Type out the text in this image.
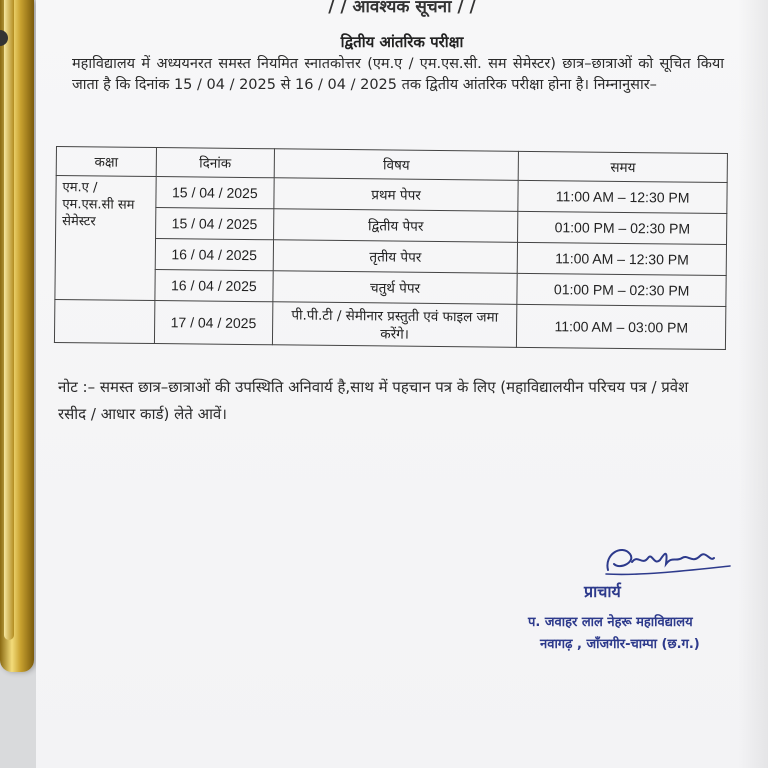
/ / आवश्यक सूचना / /
द्वितीय आंतरिक परीक्षा
महाविद्यालय में अध्ययनरत समस्त नियमित स्नातकोत्तर (एम.ए / एम.एस.सी. सम सेमेस्टर) छात्र–छात्राओं को सूचित किया जाता है कि दिनांक 15 / 04 / 2025 से 16 / 04 / 2025 तक द्वितीय आंतरिक परीक्षा होना है। निम्नानुसार–
कक्षा	दिनांक	विषय	समय
एम.ए / एम.एस.सी सम सेमेस्टर	15 / 04 / 2025	प्रथम पेपर	11:00 AM – 12:30 PM
	15 / 04 / 2025	द्वितीय पेपर	01:00 PM – 02:30 PM
	16 / 04 / 2025	तृतीय पेपर	11:00 AM – 12:30 PM
	16 / 04 / 2025	चतुर्थ पेपर	01:00 PM – 02:30 PM
	17 / 04 / 2025	पी.पी.टी / सेमीनार प्रस्तुती एवं फाइल जमा करेंगे।	11:00 AM – 03:00 PM
नोट :– समस्त छात्र–छात्राओं की उपस्थिति अनिवार्य है,साथ में पहचान पत्र के लिए (महाविद्यालयीन परिचय पत्र / प्रवेश रसीद / आधार कार्ड) लेते आवें।
प्राचार्य
प. जवाहर लाल नेहरू महाविद्यालय
नवागढ़ , जाँजगीर-चाम्पा (छ.ग.)
